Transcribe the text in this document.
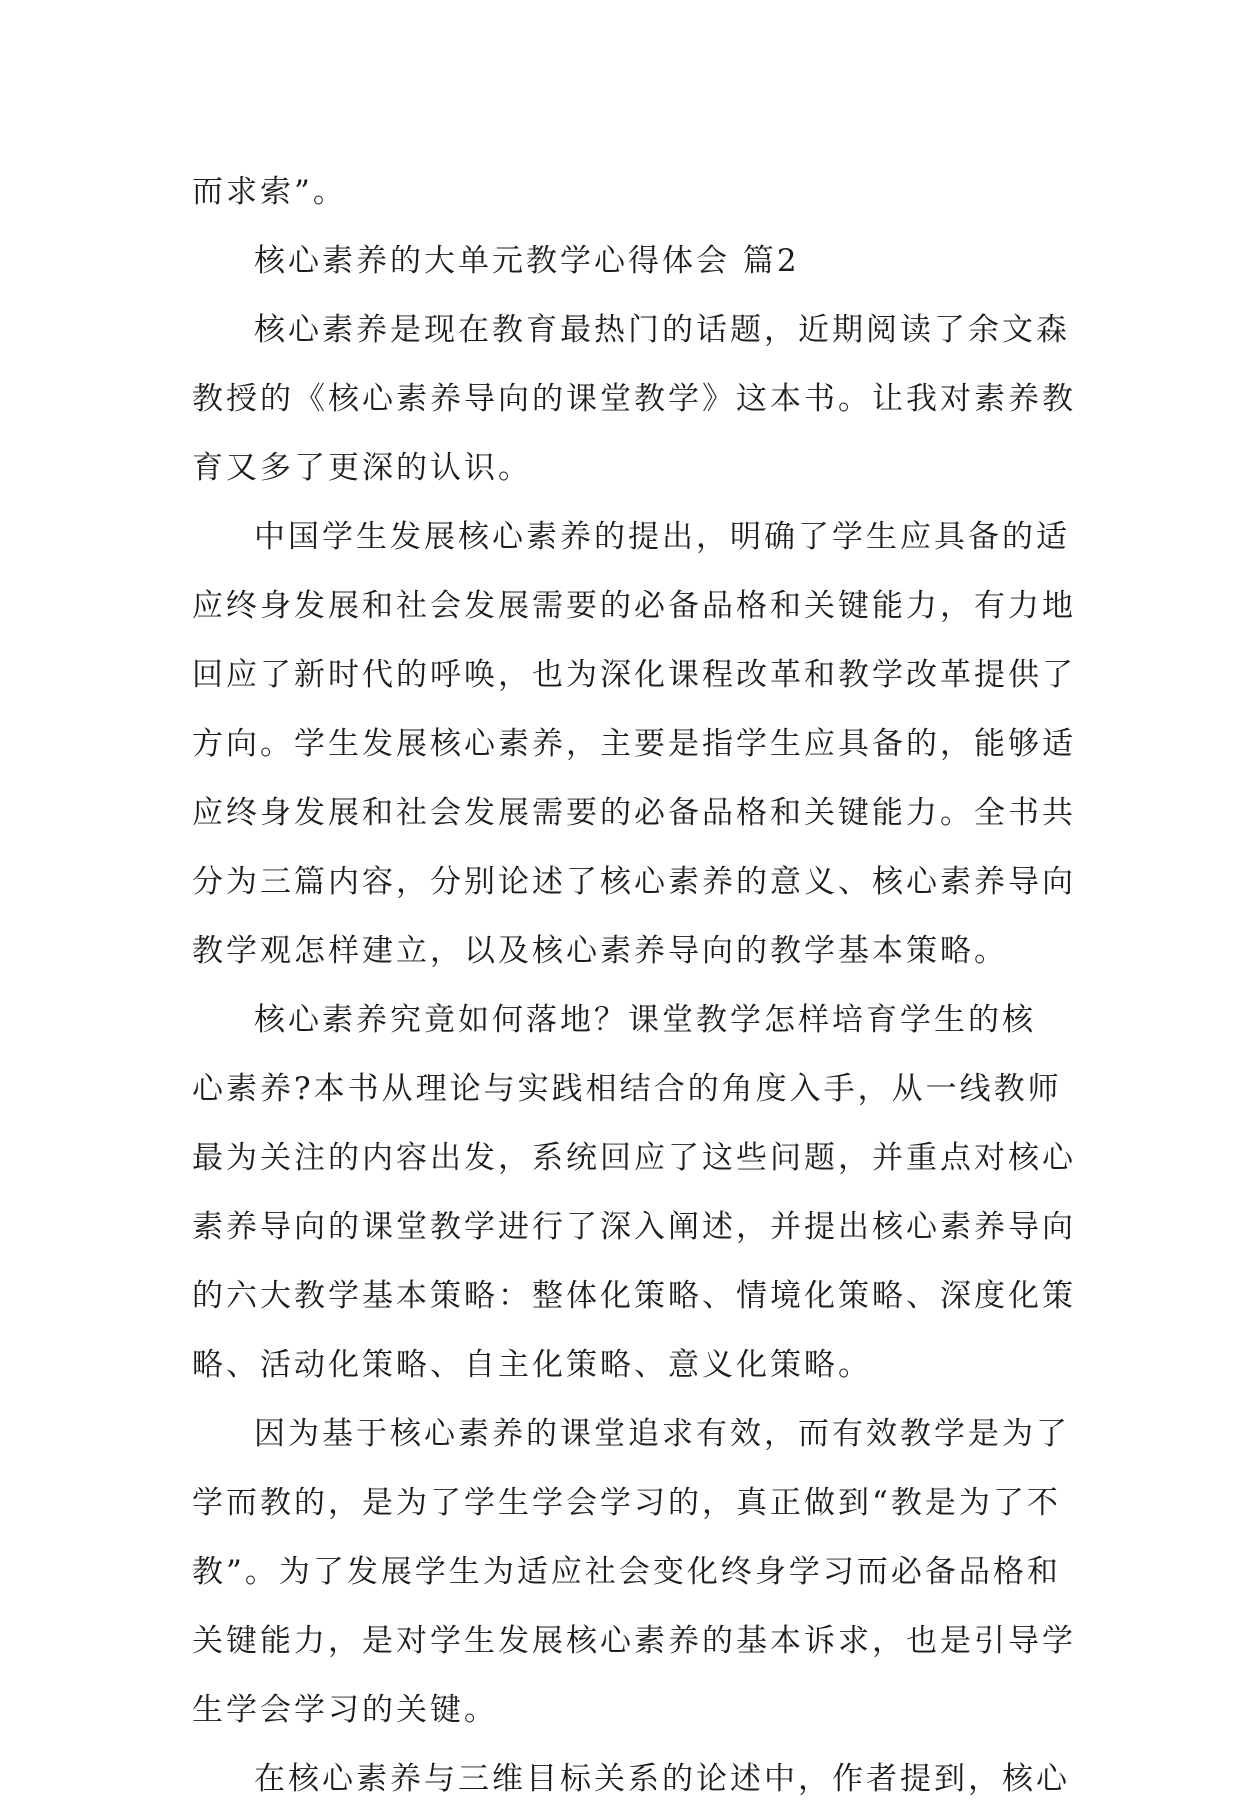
而求索”。

核心素养的大单元教学心得体会 篇2

核心素养是现在教育最热门的话题，近期阅读了余文森
教授的《核心素养导向的课堂教学》这本书。让我对素养教
育又多了更深的认识。

中国学生发展核心素养的提出，明确了学生应具备的适
应终身发展和社会发展需要的必备品格和关键能力，有力地
回应了新时代的呼唤，也为深化课程改革和教学改革提供了
方向。学生发展核心素养，主要是指学生应具备的，能够适
应终身发展和社会发展需要的必备品格和关键能力。全书共
分为三篇内容，分别论述了核心素养的意义、核心素养导向
教学观怎样建立，以及核心素养导向的教学基本策略。

核心素养究竟如何落地？课堂教学怎样培育学生的核
心素养?本书从理论与实践相结合的角度入手，从一线教师
最为关注的内容出发，系统回应了这些问题，并重点对核心
素养导向的课堂教学进行了深入阐述，并提出核心素养导向
的六大教学基本策略：整体化策略、情境化策略、深度化策
略、活动化策略、自主化策略、意义化策略。

因为基于核心素养的课堂追求有效，而有效教学是为了
学而教的，是为了学生学会学习的，真正做到“教是为了不
教”。为了发展学生为适应社会变化终身学习而必备品格和
关键能力，是对学生发展核心素养的基本诉求，也是引导学
生学会学习的关键。

在核心素养与三维目标关系的论述中，作者提到，核心
